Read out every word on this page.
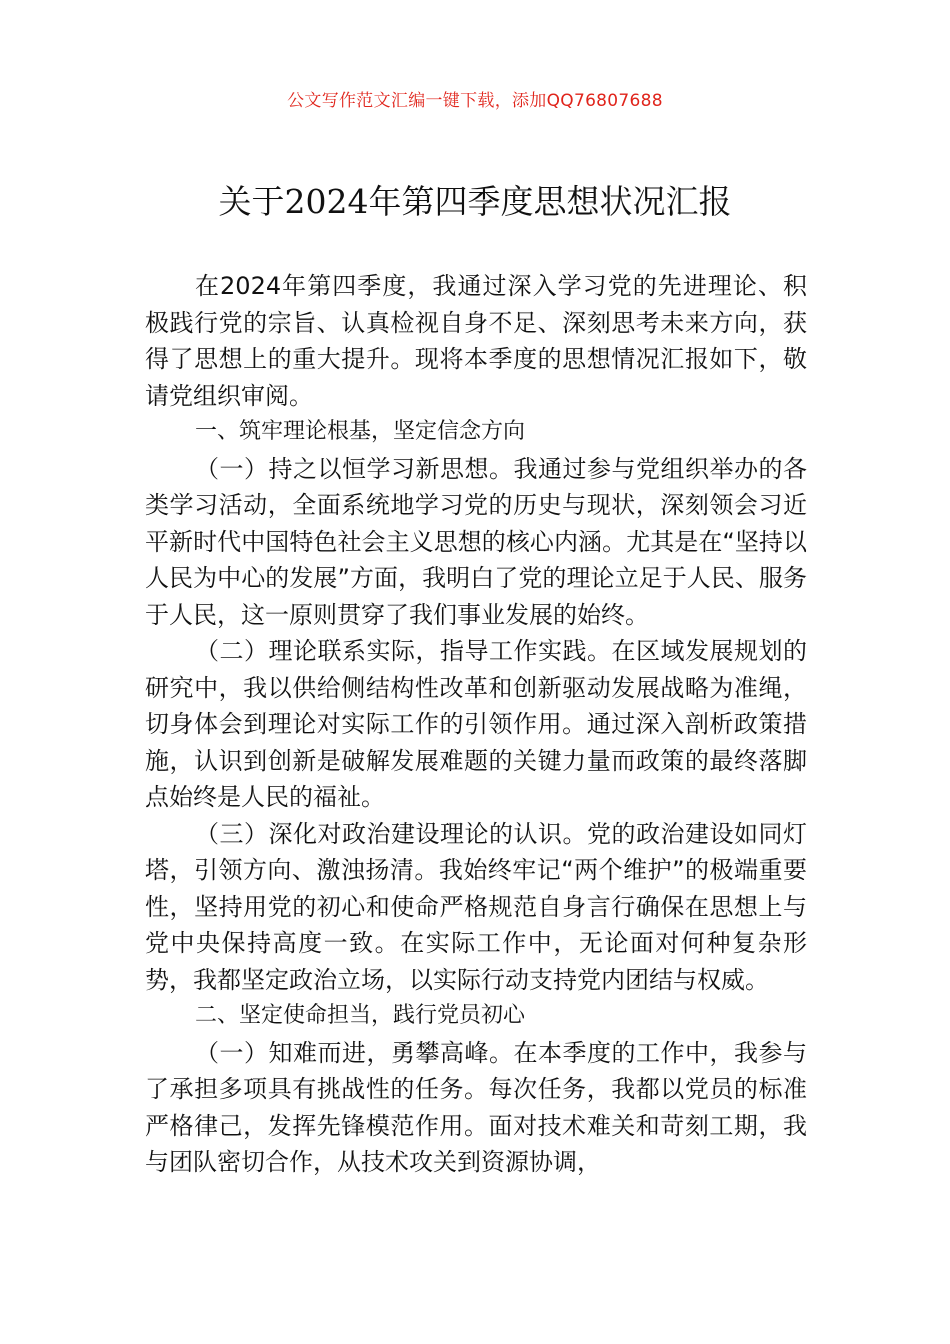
公文写作范文汇编一键下载，添加QQ76807688
关于2024年第四季度思想状况汇报

在2024年第四季度，我通过深入学习党的先进理论、积极践行党的宗旨、认真检视自身不足、深刻思考未来方向，获得了思想上的重大提升。现将本季度的思想情况汇报如下，敬请党组织审阅。

一、筑牢理论根基，坚定信念方向

（一）持之以恒学习新思想。我通过参与党组织举办的各类学习活动，全面系统地学习党的历史与现状，深刻领会习近平新时代中国特色社会主义思想的核心内涵。尤其是在“坚持以人民为中心的发展”方面，我明白了党的理论立足于人民、服务于人民，这一原则贯穿了我们事业发展的始终。

（二）理论联系实际，指导工作实践。在区域发展规划的研究中，我以供给侧结构性改革和创新驱动发展战略为准绳，切身体会到理论对实际工作的引领作用。通过深入剖析政策措施，认识到创新是破解发展难题的关键力量而政策的最终落脚点始终是人民的福祉。

（三）深化对政治建设理论的认识。党的政治建设如同灯塔，引领方向、激浊扬清。我始终牢记“两个维护”的极端重要性，坚持用党的初心和使命严格规范自身言行确保在思想上与党中央保持高度一致。在实际工作中，无论面对何种复杂形势，我都坚定政治立场，以实际行动支持党内团结与权威。

二、坚定使命担当，践行党员初心

（一）知难而进，勇攀高峰。在本季度的工作中，我参与了承担多项具有挑战性的任务。每次任务，我都以党员的标准严格律己，发挥先锋模范作用。面对技术难关和苛刻工期，我与团队密切合作，从技术攻关到资源协调，
